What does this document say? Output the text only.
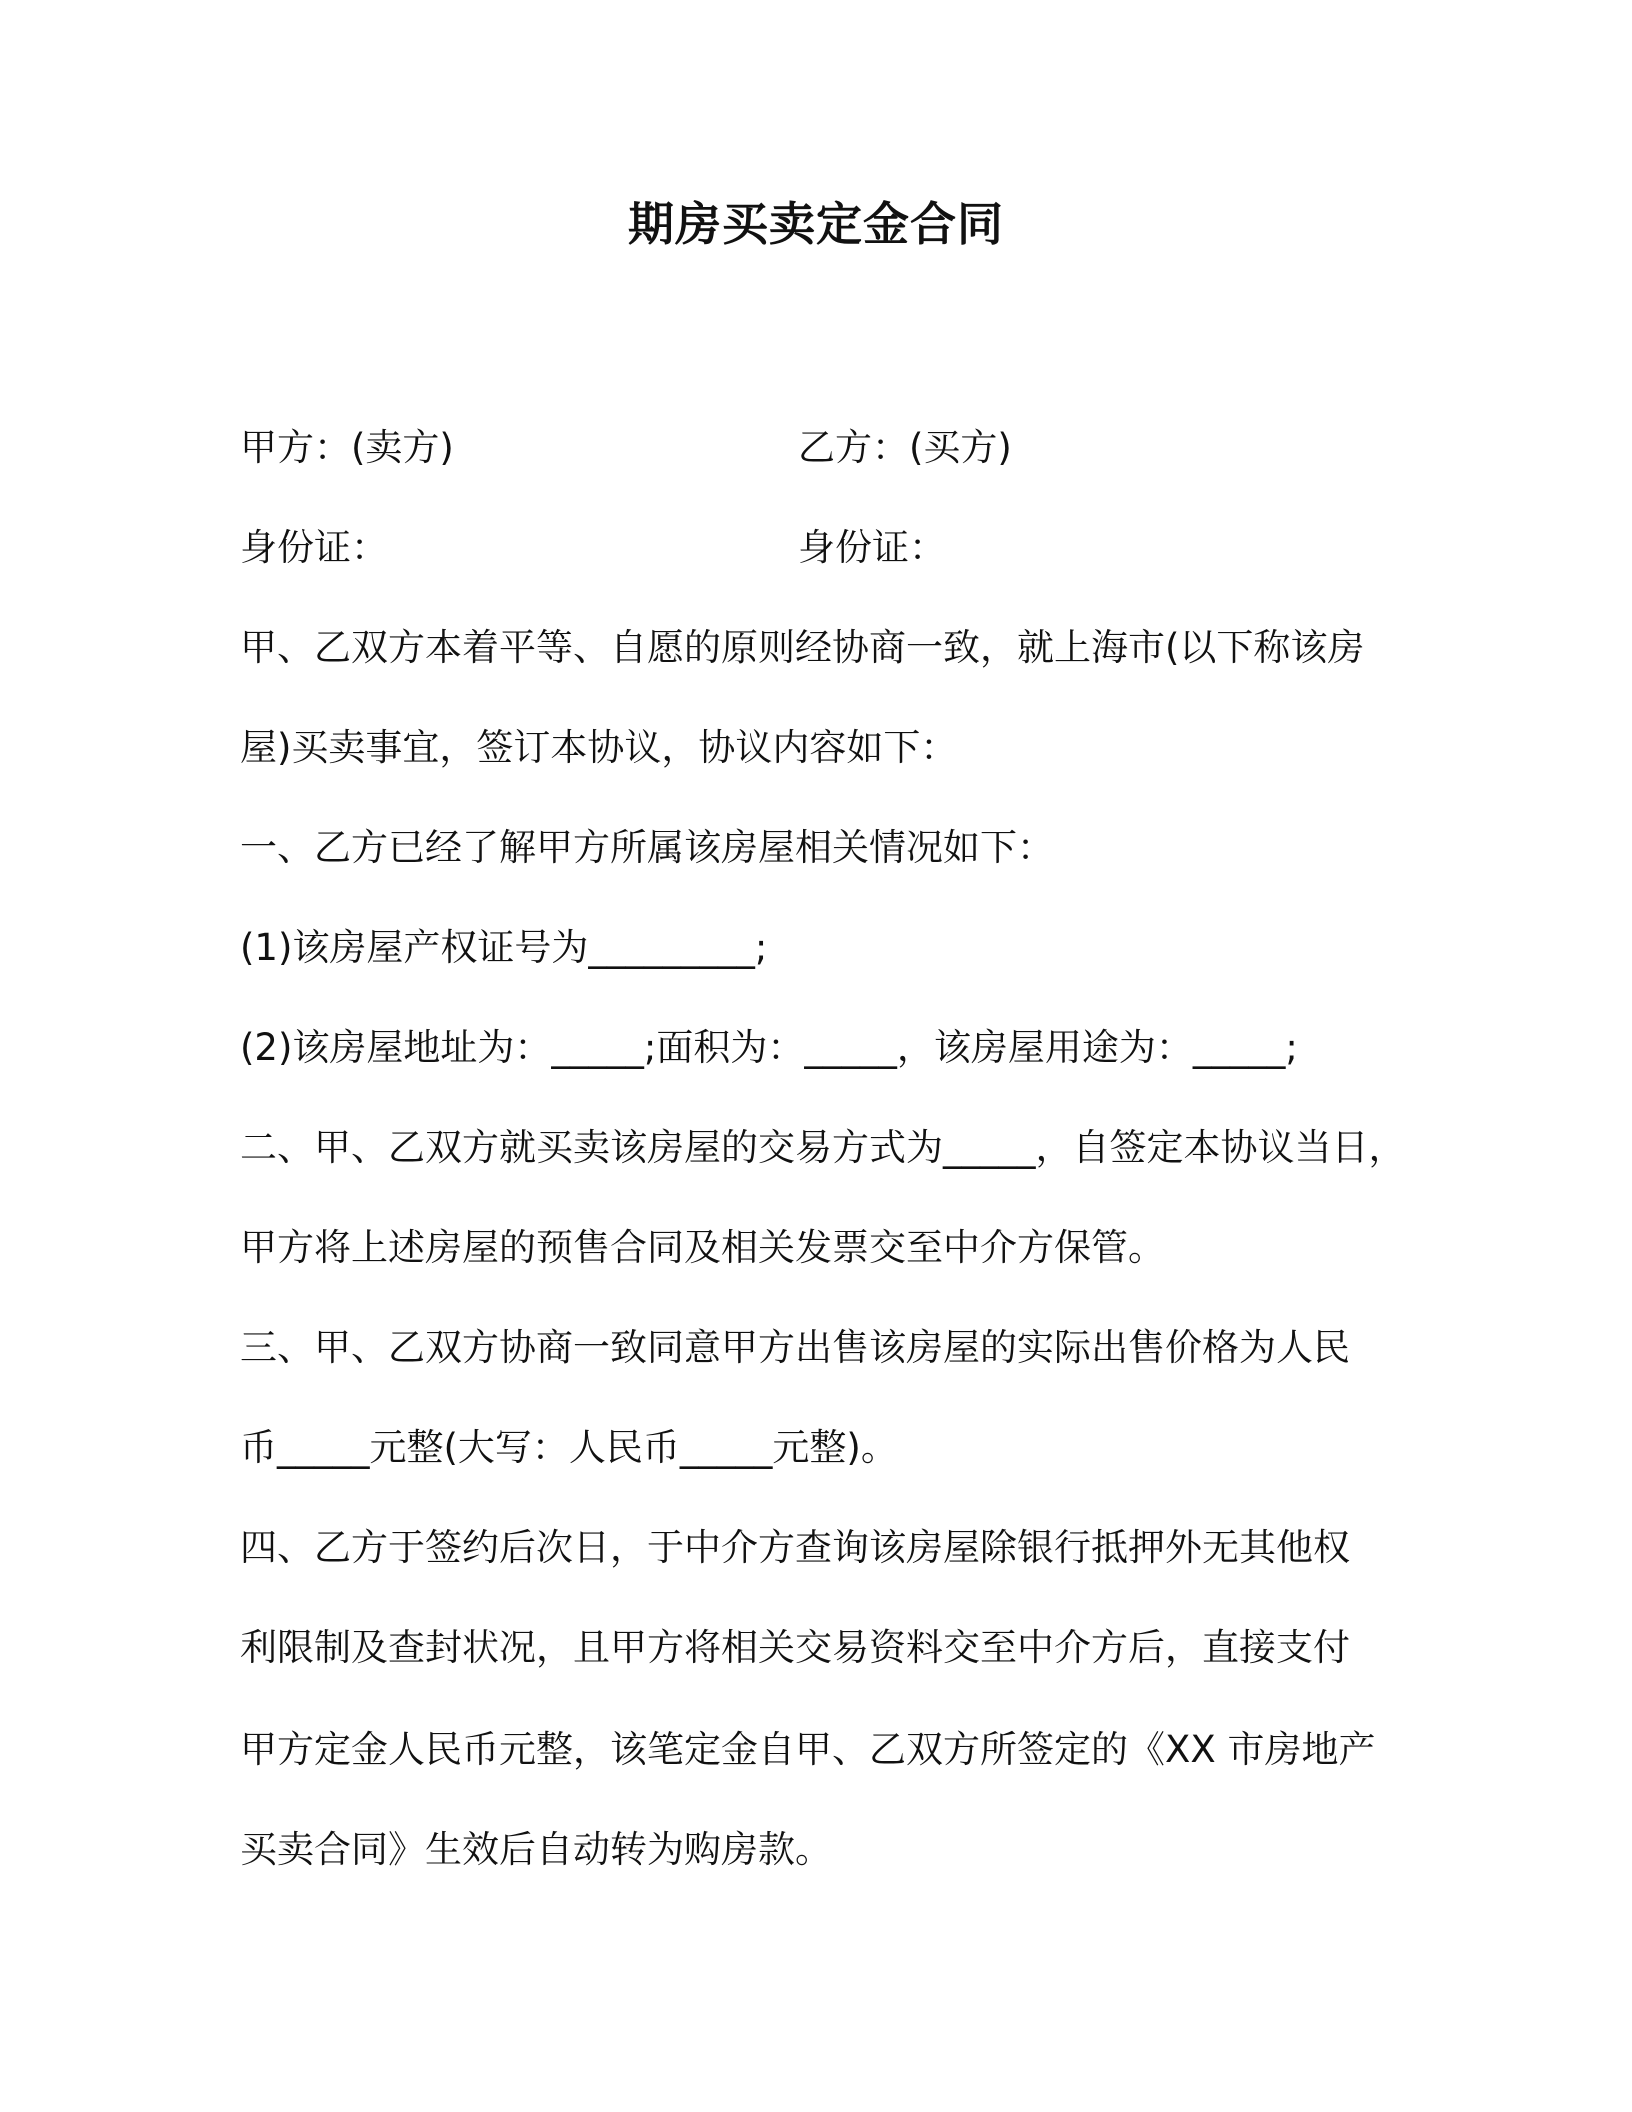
期房买卖定金合同
甲方：(卖方)	乙方：(买方)
身份证：	身份证：
甲、乙双方本着平等、自愿的原则经协商一致，就上海市(以下称该房
屋)买卖事宜，签订本协议，协议内容如下：
一、乙方已经了解甲方所属该房屋相关情况如下：
(1)该房屋产权证号为_________;
(2)该房屋地址为：_____;面积为：_____，该房屋用途为：_____;
二、甲、乙双方就买卖该房屋的交易方式为_____，自签定本协议当日，
甲方将上述房屋的预售合同及相关发票交至中介方保管。
三、甲、乙双方协商一致同意甲方出售该房屋的实际出售价格为人民
币_____元整(大写：人民币_____元整)。
四、乙方于签约后次日，于中介方查询该房屋除银行抵押外无其他权
利限制及查封状况，且甲方将相关交易资料交至中介方后，直接支付
甲方定金人民币元整，该笔定金自甲、乙双方所签定的《XX 市房地产
买卖合同》生效后自动转为购房款。
